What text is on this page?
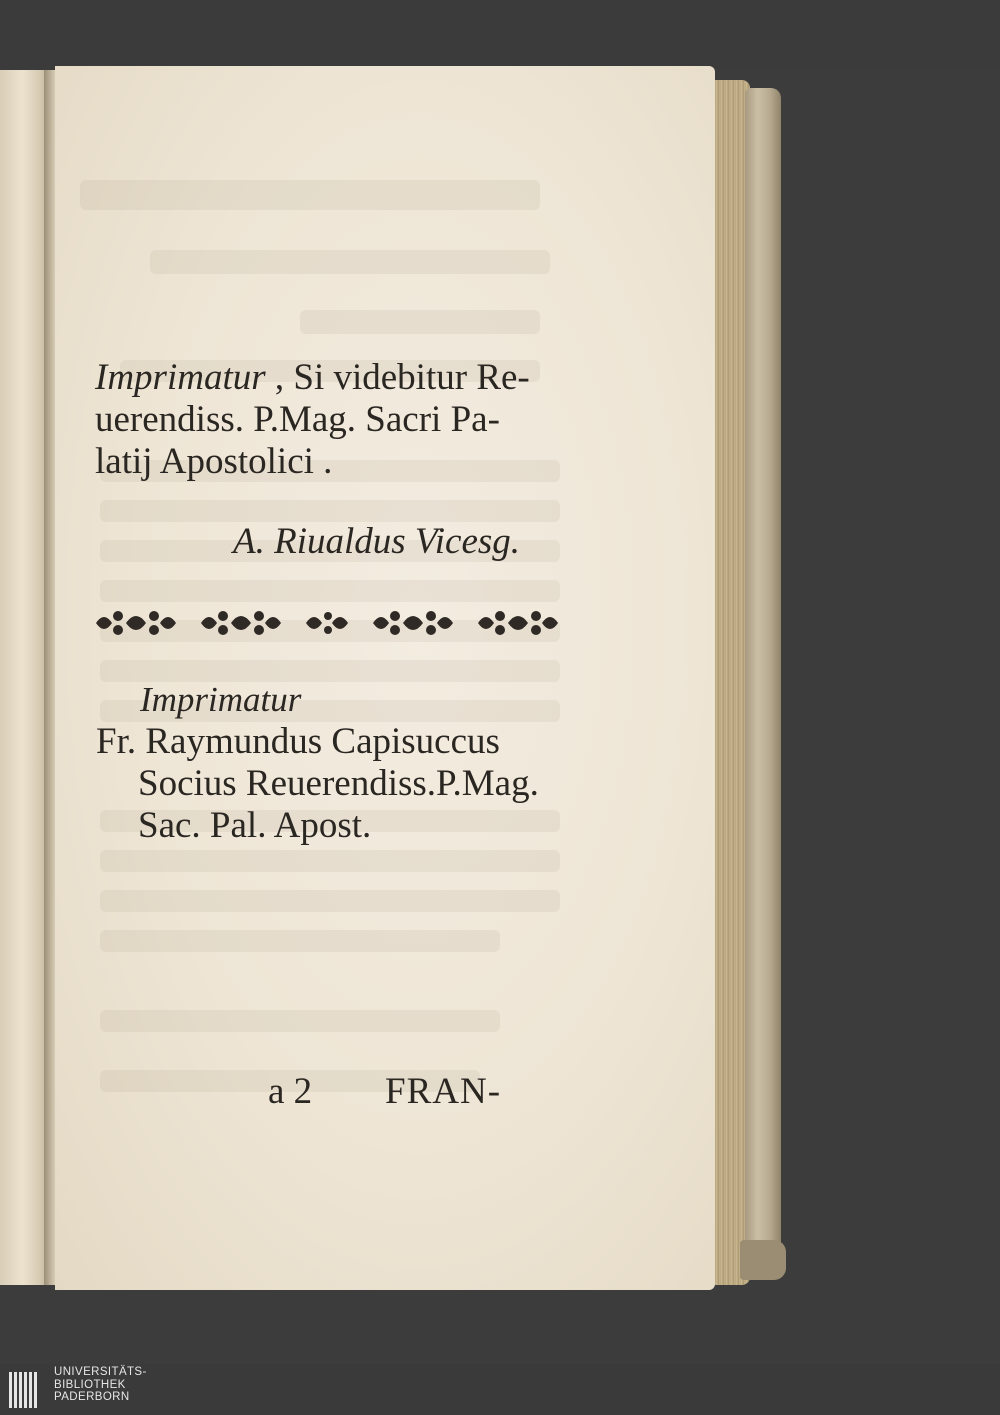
Imprimatur , Si videbitur Re-
uerendiss. P.Mag. Sacri Pa-
latij Apostolici .
A. Riualdus Vicesg.
Imprimatur
Fr. Raymundus Capisuccus
Socius Reuerendiss.P.Mag.
Sac. Pal. Apost.
a 2 FRAN-
UNIVERSITÄTS-
BIBLIOTHEK
PADERBORN
